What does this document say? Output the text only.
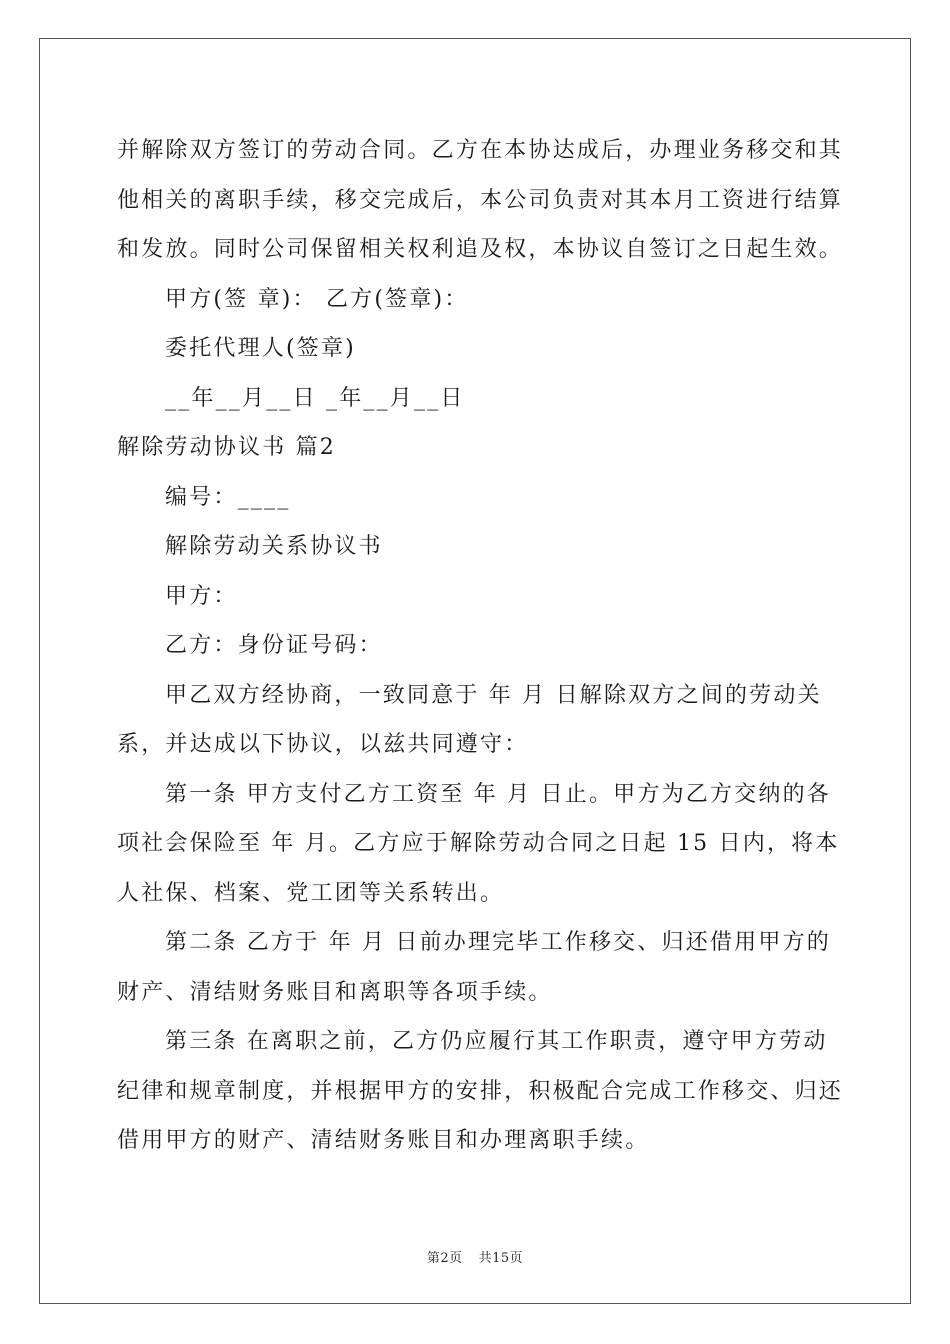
并解除双方签订的劳动合同。乙方在本协达成后，办理业务移交和其
他相关的离职手续，移交完成后，本公司负责对其本月工资进行结算
和发放。同时公司保留相关权利追及权，本协议自签订之日起生效。
甲方(签 章)： 乙方(签章)：
委托代理人(签章)
__年__月__日 _年__月__日
解除劳动协议书 篇2
编号：____
解除劳动关系协议书
甲方：
乙方：身份证号码：
甲乙双方经协商，一致同意于 年 月 日解除双方之间的劳动关
系，并达成以下协议，以兹共同遵守：
第一条 甲方支付乙方工资至 年 月 日止。甲方为乙方交纳的各
项社会保险至 年 月。乙方应于解除劳动合同之日起 15 日内，将本
人社保、档案、党工团等关系转出。
第二条 乙方于 年 月 日前办理完毕工作移交、归还借用甲方的
财产、清结财务账目和离职等各项手续。
第三条 在离职之前，乙方仍应履行其工作职责，遵守甲方劳动
纪律和规章制度，并根据甲方的安排，积极配合完成工作移交、归还
借用甲方的财产、清结财务账目和办理离职手续。
第2页 共15页
